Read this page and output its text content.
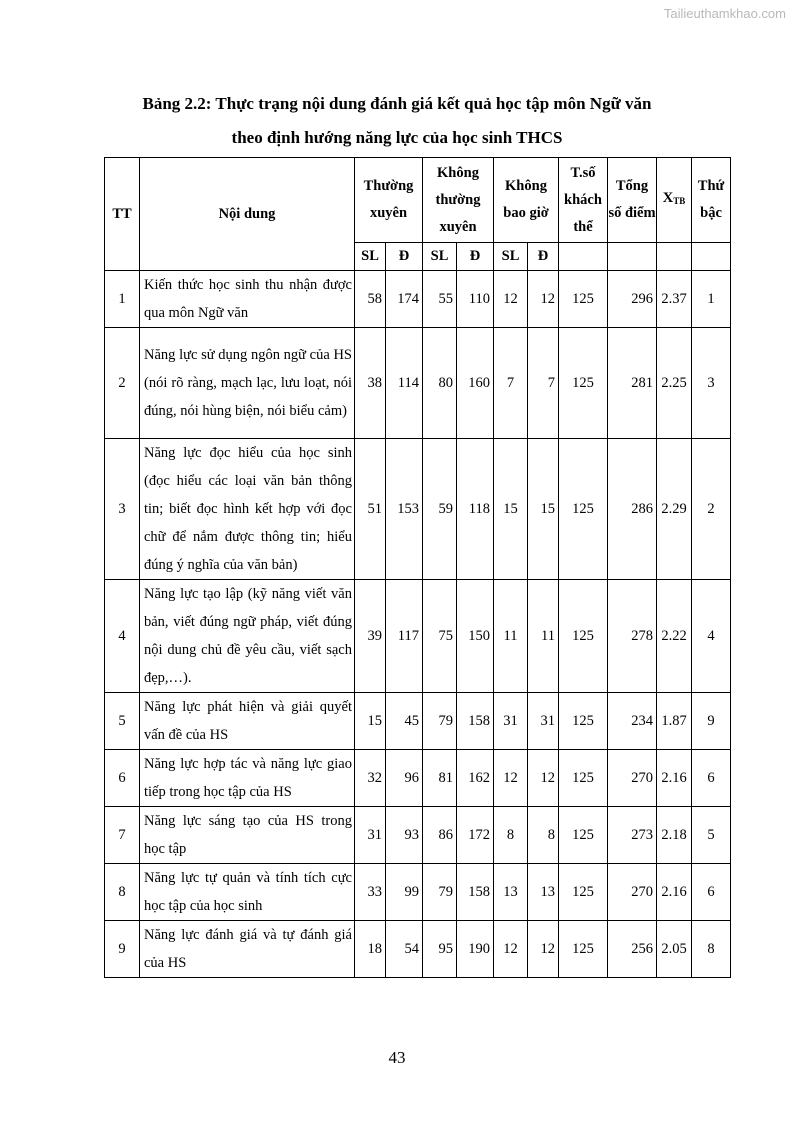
Tailieuthamkhao.com
Bảng 2.2: Thực trạng nội dung đánh giá kết quả học tập môn Ngữ văn
theo định hướng năng lực của học sinh THCS
TT	Nội dung	Thường xuyên		Không thường xuyên		Không bao giờ		T.số khách thể	Tổng số điểm	$X_{TB}$	Thứ bậc
		SL	Đ	SL	Đ	SL	Đ				
1	Kiến thức học sinh thu nhận được qua môn Ngữ văn	58	174	55	110	12	12	125	296	2.37	1
2	Năng lực sử dụng ngôn ngữ của HS (nói rõ ràng, mạch lạc, lưu loạt, nói đúng, nói hùng biện, nói biểu cảm)	38	114	80	160	7	7	125	281	2.25	3
3	Năng lực đọc hiểu của học sinh (đọc hiểu các loại văn bản thông tin; biết đọc hình kết hợp với đọc chữ để nắm được thông tin; hiểu đúng ý nghĩa của văn bản)	51	153	59	118	15	15	125	286	2.29	2
4	Năng lực tạo lập (kỹ năng viết văn bản, viết đúng ngữ pháp, viết đúng nội dung chủ đề yêu cầu, viết sạch đẹp,…).	39	117	75	150	11	11	125	278	2.22	4
5	Năng lực phát hiện và giải quyết vấn đề của HS	15	45	79	158	31	31	125	234	1.87	9
6	Năng lực hợp tác và năng lực giao tiếp trong học tập của HS	32	96	81	162	12	12	125	270	2.16	6
7	Năng lực sáng tạo của HS trong học tập	31	93	86	172	8	8	125	273	2.18	5
8	Năng lực tự quản và tính tích cực học tập của học sinh	33	99	79	158	13	13	125	270	2.16	6
9	Năng lực đánh giá và tự đánh giá của HS	18	54	95	190	12	12	125	256	2.05	8
43
